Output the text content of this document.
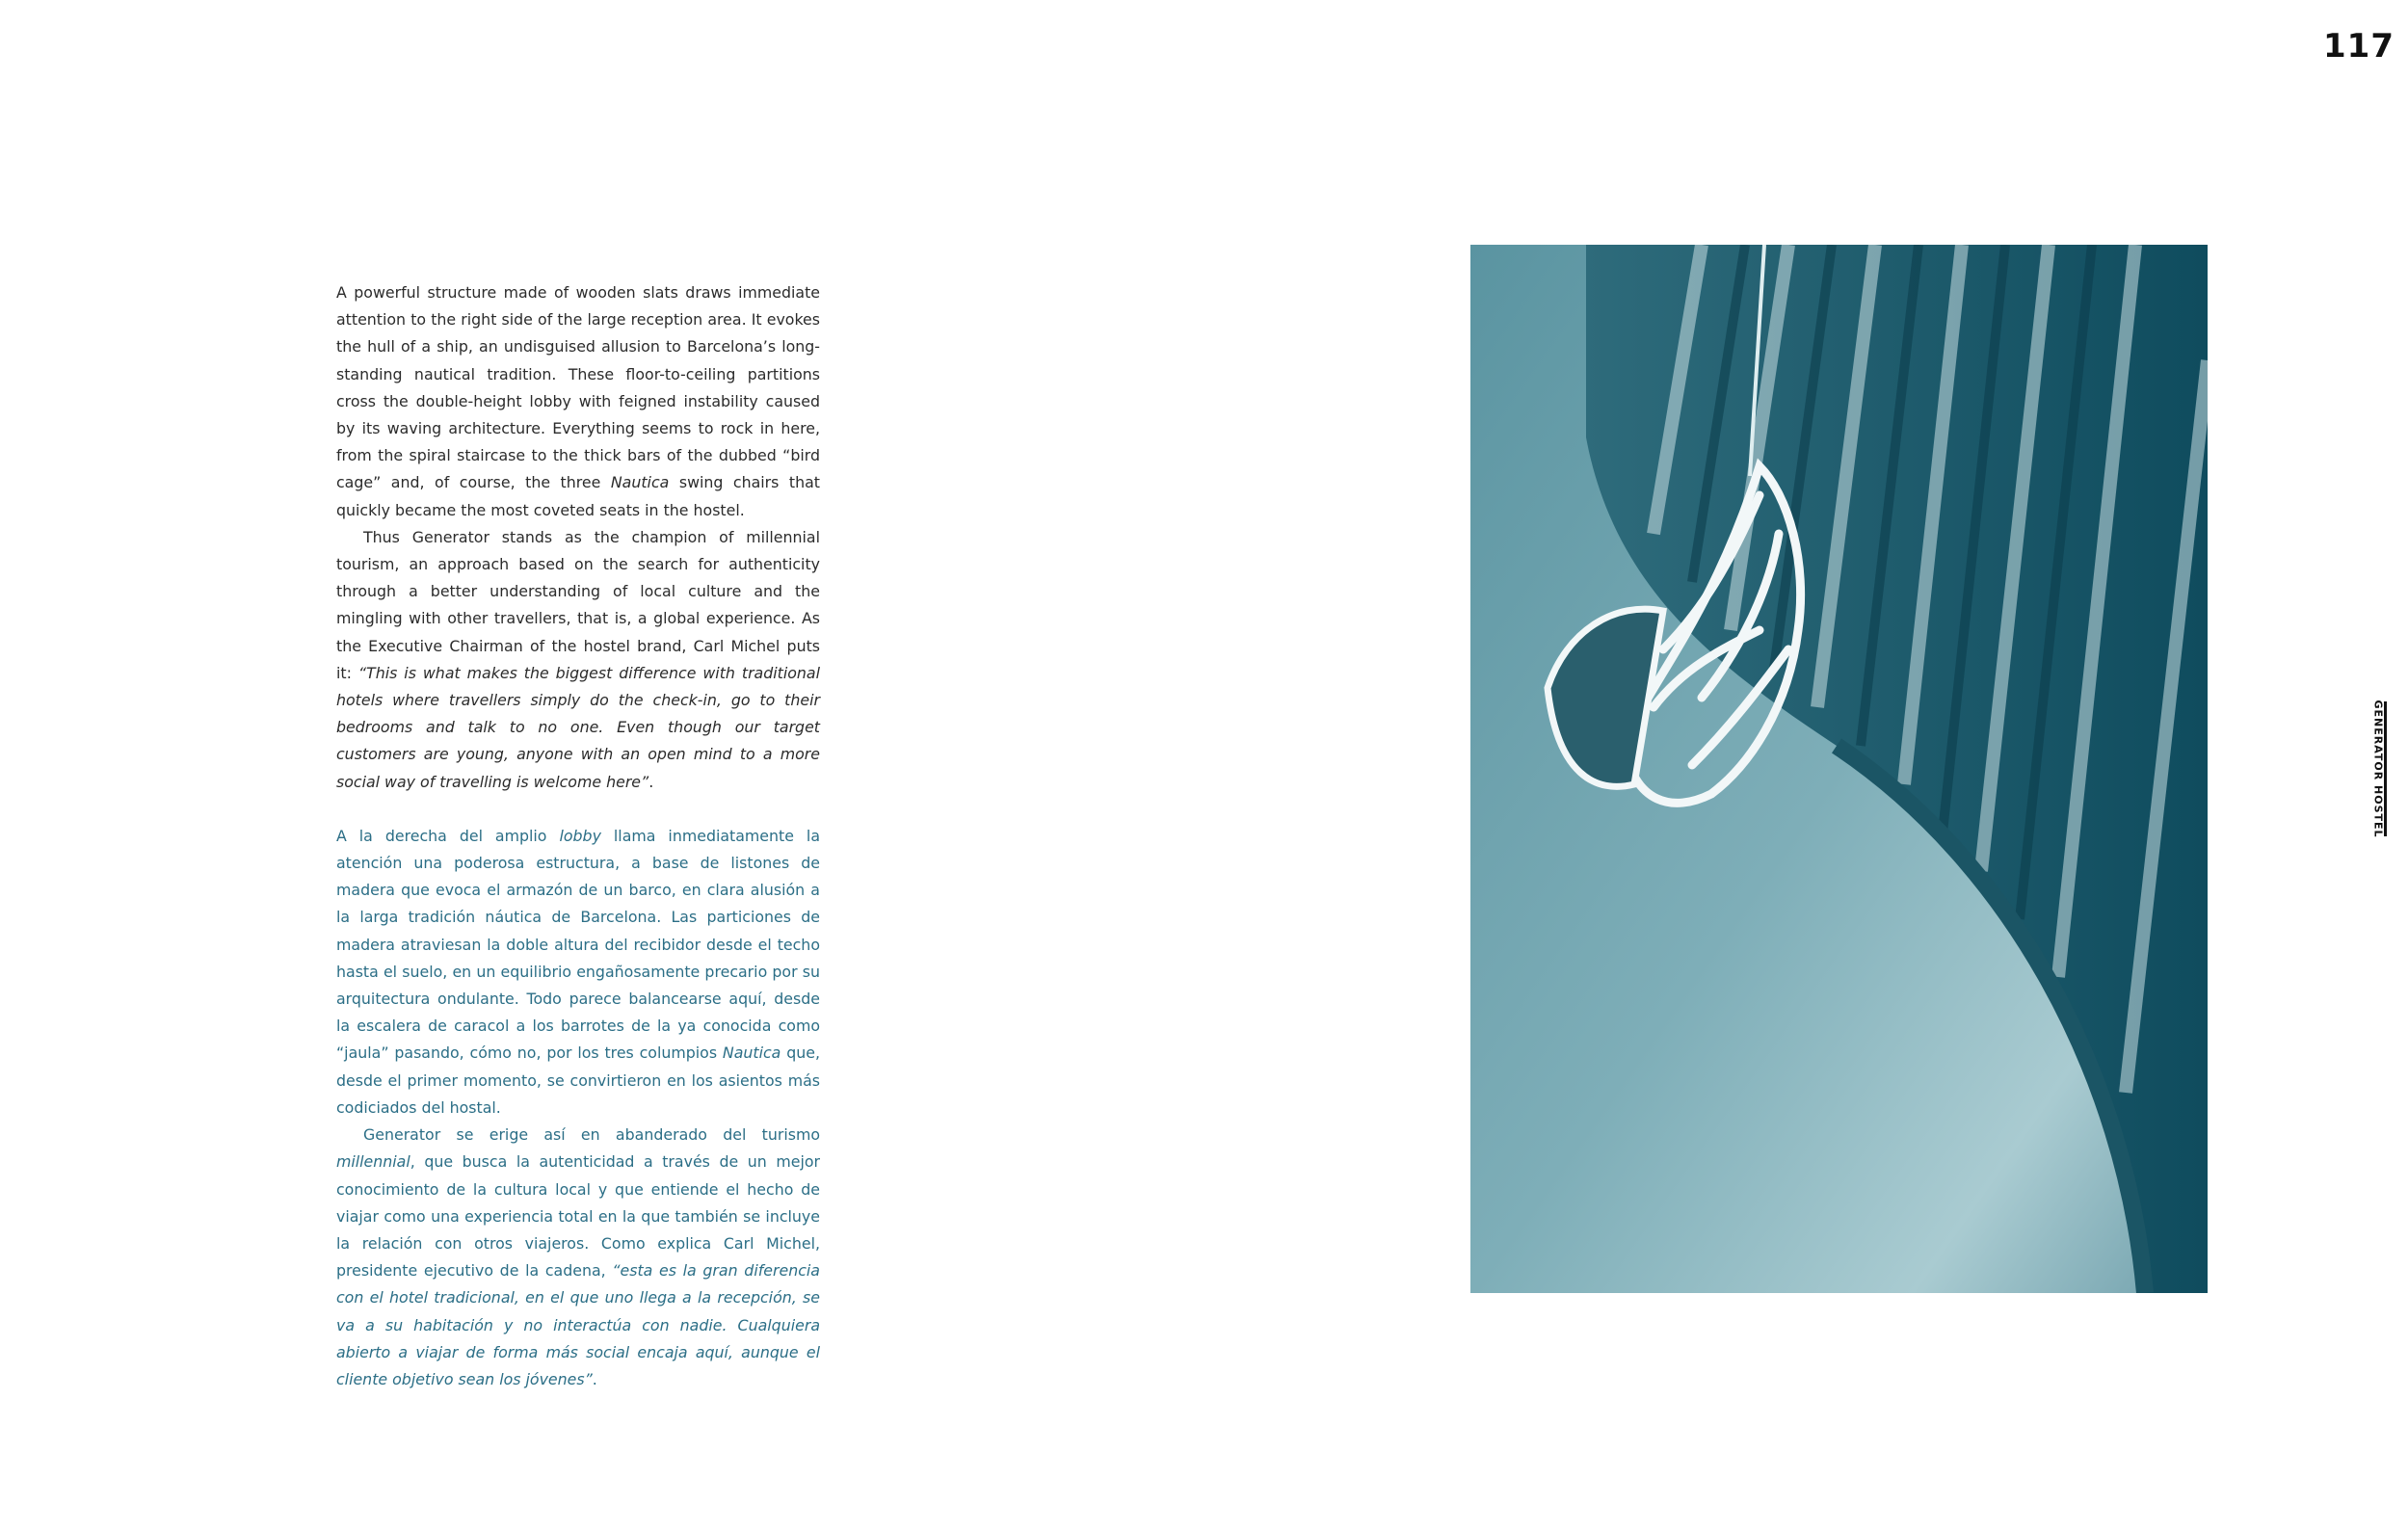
117

A powerful structure made of wooden slats draws immediate attention to the right side of the large reception area. It evokes the hull of a ship, an undisguised allusion to Barcelona’s long-standing nautical tradition. These floor-to-ceiling partitions cross the double-height lobby with feigned instability caused by its waving architecture. Everything seems to rock in here, from the spiral staircase to the thick bars of the dubbed “bird cage” and, of course, the three Nautica swing chairs that quickly became the most coveted seats in the hostel.

Thus Generator stands as the champion of millennial tourism, an approach based on the search for authenticity through a better understanding of local culture and the mingling with other travellers, that is, a global experience. As the Executive Chairman of the hostel brand, Carl Michel puts it: “This is what makes the biggest difference with traditional hotels where travellers simply do the check-in, go to their bedrooms and talk to no one. Even though our target customers are young, anyone with an open mind to a more social way of travelling is welcome here”.

A la derecha del amplio lobby llama inmediatamente la atención una poderosa estructura, a base de listones de madera que evoca el armazón de un barco, en clara alusión a la larga tradición náutica de Barcelona. Las particiones de madera atraviesan la doble altura del recibidor desde el techo hasta el suelo, en un equilibrio engañosamente precario por su arquitectura ondulante. Todo parece balancearse aquí, desde la escalera de caracol a los barrotes de la ya conocida como “jaula” pasando, cómo no, por los tres columpios Nautica que, desde el primer momento, se convirtieron en los asientos más codiciados del hostal.

Generator se erige así en abanderado del turismo millennial, que busca la autenticidad a través de un mejor conocimiento de la cultura local y que entiende el hecho de viajar como una experiencia total en la que también se incluye la relación con otros viajeros. Como explica Carl Michel, presidente ejecutivo de la cadena, “esta es la gran diferencia con el hotel tradicional, en el que uno llega a la recepción, se va a su habitación y no interactúa con nadie. Cualquiera abierto a viajar de forma más social encaja aquí, aunque el cliente objetivo sean los jóvenes”.

GENERATOR HOSTEL
